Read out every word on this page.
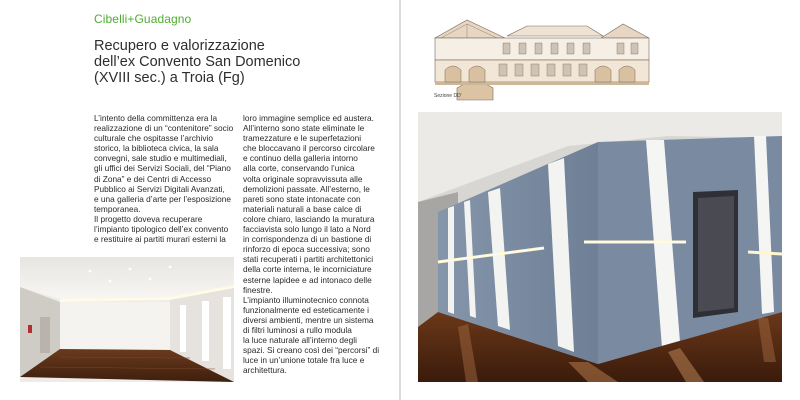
Cibelli+Guadagno
Recupero e valorizzazione
dell’ex Convento San Domenico
(XVIII sec.) a Troia (Fg)
L’intento della committenza era la
realizzazione di un “contenitore” socio
culturale che ospitasse l’archivio
storico, la biblioteca civica, la sala
convegni, sale studio e multimediali,
gli uffici dei Servizi Sociali, del “Piano
di Zona” e dei Centri di Accesso
Pubblico ai Servizi Digitali Avanzati,
e una galleria d’arte per l’esposizione
temporanea.
Il progetto doveva recuperare
l’impianto tipologico dell’ex convento
e restituire ai partiti murari esterni la
loro immagine semplice ed austera.
All’interno sono state eliminate le
tramezzature e le superfetazioni
che bloccavano il percorso circolare
e continuo della galleria intorno
alla corte, conservando l’unica
volta originale sopravvissuta alle
demolizioni passate. All’esterno, le
pareti sono state intonacate con
materiali naturali a base calce di
colore chiaro, lasciando la muratura
facciavista solo lungo il lato a Nord
in corrispondenza di un bastione di
rinforzo di epoca successiva; sono
stati recuperati i partiti architettonici
della corte interna, le incorniciature
esterne lapidee e ad intonaco delle
finestre.
L’impianto illuminotecnico connota
funzionalmente ed esteticamente i
diversi ambienti, mentre un sistema
di filtri luminosi a rullo modula
la luce naturale all’interno degli
spazi. Si creano così dei “percorsi” di
luce in un’unione totale fra luce e
architettura.
Sezione DD'
